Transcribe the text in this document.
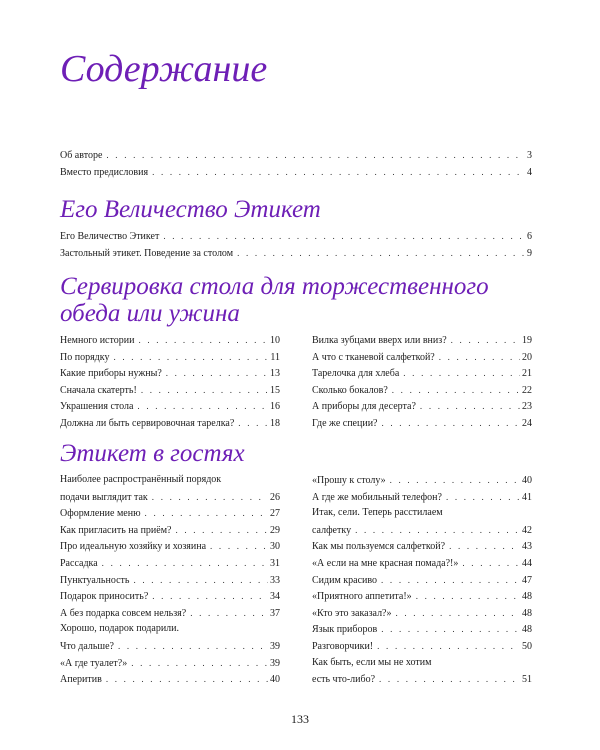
Содержание
Об авторе . . .	3
Вместо предисловия . . .	4
Его Величество Этикет
Его Величество Этикет . . .	6
Застольный этикет. Поведение за столом . . .	9
Сервировка стола для торжественного
обеда или ужина
Немного истории . . .	10
По порядку . . .	11
Какие приборы нужны? . . .	13
Сначала скатерть! . . .	15
Украшения стола . . .	16
Должна ли быть сервировочная тарелка? . . .	18
Вилка зубцами вверх или вниз? . . .	19
А что с тканевой салфеткой? . . .	20
Тарелочка для хлеба . . .	21
Сколько бокалов? . . .	22
А приборы для десерта? . . .	23
Где же специи? . . .	24
Этикет в гостях
Наиболее распространённый порядок
подачи выглядит так . . .	26
Оформление меню . . .	27
Как пригласить на приём? . . .	29
Про идеальную хозяйку и хозяина . . .	30
Рассадка . . .	31
Пунктуальность . . .	33
Подарок приносить? . . .	34
А без подарка совсем нельзя? . . .	37
Хорошо, подарок подарили.
Что дальше? . . .	39
«А где туалет?» . . .	39
Аперитив . . .	40
«Прошу к столу» . . .	40
А где же мобильный телефон? . . .	41
Итак, сели. Теперь расстилаем
салфетку . . .	42
Как мы пользуемся салфеткой? . . .	43
«А если на мне красная помада?!» . . .	44
Сидим красиво . . .	47
«Приятного аппетита!» . . .	48
«Кто это заказал?» . . .	48
Язык приборов . . .	48
Разговорчики! . . .	50
Как быть, если мы не хотим
есть что-либо? . . .	51
133
